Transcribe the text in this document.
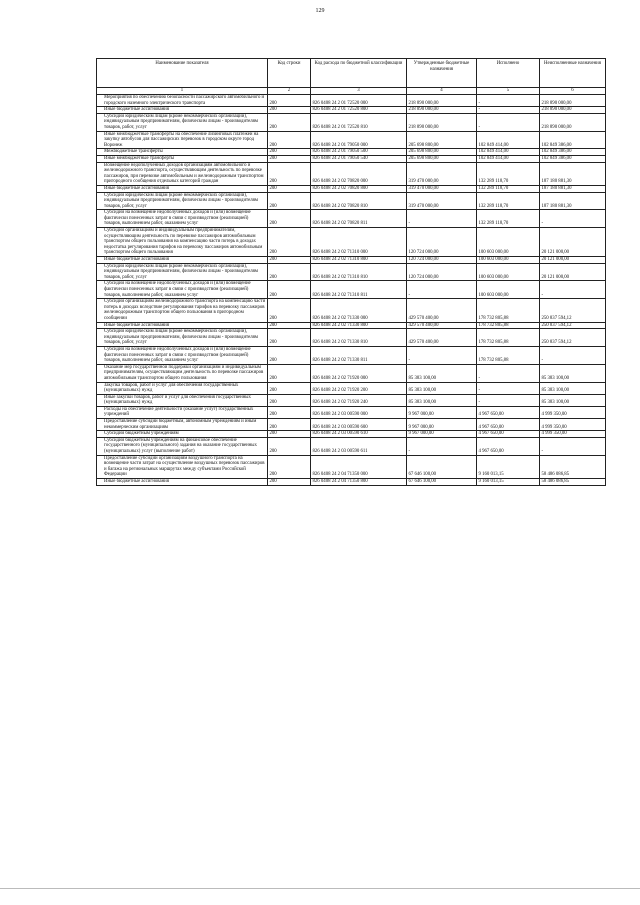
129
Наименование показателя	Код строки	Код расхода по бюджетной классификации	Утвержденные бюджетные назначения	Исполнено	Неисполненные назначения
1	2	3	4	5	6
Мероприятия по обеспечению безопасности пассажирского автомобильного и городского наземного электрического транспорта	200	826 0408 24 2 01 72520 000	218 890 000,00	-	218 890 000,00
Иные бюджетные ассигнования	200	826 0408 24 2 01 72520 800	218 890 000,00	-	218 890 000,00
Субсидии юридическим лицам (кроме некоммерческих организаций), индивидуальным предпринимателям, физическим лицам - производителям товаров, работ, услуг	200	826 0408 24 2 01 72520 810	218 890 000,00	-	218 890 000,00
Иные межбюджетные трансферты на обеспечение лизинговых платежей на закупку автобусов для пассажирских перевозок в городском округе город Воронеж	200	826 0408 24 2 01 79050 000	205 698 800,00	102 849 414,00	102 849 386,00
Межбюджетные трансферты	200	826 0408 24 2 01 79050 500	205 698 800,00	102 849 414,00	102 849 386,00
Иные межбюджетные трансферты	200	826 0408 24 2 01 79050 540	205 698 800,00	102 849 414,00	102 849 386,00
Возмещение недополученных доходов организациям автомобильного и железнодорожного транспорта, осуществляющим деятельность по перевозке пассажиров, при перевозке автомобильным и железнодорожным транспортом пригородного сообщения отдельных категорий граждан	200	826 0408 24 2 02 70820 000	319 470 000,00	132 289 118,70	187 180 881,30
Иные бюджетные ассигнования	200	826 0408 24 2 02 70820 800	319 470 000,00	132 289 118,70	187 180 881,30
Субсидии юридическим лицам (кроме некоммерческих организаций), индивидуальным предпринимателям, физическим лицам - производителям товаров, работ, услуг	200	826 0408 24 2 02 70820 810	319 470 000,00	132 289 118,70	187 180 881,30
Субсидии на возмещение недополученных доходов и (или) возмещение фактически понесенных затрат в связи с производством (реализацией) товаров, выполнением работ, оказанием услуг	200	826 0408 24 2 02 70820 811	-	132 289 118,70	-
Субсидии организациям и индивидуальным предпринимателям, осуществляющим деятельность по перевозке пассажиров автомобильным транспортом общего пользования на компенсацию части потерь в доходах недостатка регулирования тарифов на перевозку пассажиров автомобильным транспортом общего пользования	200	826 0408 24 2 02 71310 000	120 724 000,00	100 603 000,00	20 121 000,00
Иные бюджетные ассигнования	200	826 0408 24 2 02 71310 800	120 724 000,00	100 603 000,00	20 121 000,00
Субсидии юридическим лицам (кроме некоммерческих организаций), индивидуальным предпринимателям, физическим лицам - производителям товаров, работ, услуг	200	826 0408 24 2 02 71310 810	120 724 000,00	100 603 000,00	20 121 000,00
Субсидии на возмещение недополученных доходов и (или) возмещение фактически понесенных затрат в связи с производством (реализацией) товаров, выполнением работ, оказанием услуг	200	826 0408 24 2 02 71310 811	-	100 603 000,00	-
Субсидии организациям железнодорожного транспорта на компенсацию части потерь в доходах вследствие регулирования тарифов на перевозку пассажиров железнодорожным транспортом общего пользования в пригородном сообщении	200	826 0408 24 2 02 71330 000	429 570 400,00	178 732 805,88	250 837 594,12
Иные бюджетные ассигнования	200	826 0408 24 2 02 71330 800	429 570 400,00	178 732 805,88	250 837 594,12
Субсидии юридическим лицам (кроме некоммерческих организаций), индивидуальным предпринимателям, физическим лицам - производителям товаров, работ, услуг	200	826 0408 24 2 02 71330 810	429 570 400,00	178 732 805,88	250 837 594,12
Субсидии на возмещение недополученных доходов и (или) возмещение фактически понесенных затрат в связи с производством (реализацией) товаров, выполнением работ, оказанием услуг	200	826 0408 24 2 02 71330 811	-	178 732 805,88	-
Оказание мер государственной поддержки организациям и индивидуальным предпринимателям, осуществляющим деятельность по перевозке пассажиров автомобильным транспортом общего пользования	200	826 0408 24 2 02 71920 000	85 383 100,00	-	85 383 100,00
Закупка товаров, работ и услуг для обеспечения государственных (муниципальных) нужд	200	826 0408 24 2 02 71920 200	85 383 100,00	-	85 383 100,00
Иные закупки товаров, работ и услуг для обеспечения государственных (муниципальных) нужд	200	826 0408 24 2 02 71920 240	85 383 100,00	-	85 383 100,00
Расходы на обеспечение деятельности (оказание услуг) государственных учреждений	200	826 0408 24 2 03 00590 000	9 967 000,00	4 967 650,00	4 999 350,00
Предоставление субсидий бюджетным, автономным учреждениям и иным некоммерческим организациям	200	826 0408 24 2 03 00590 600	9 967 000,00	4 967 650,00	4 999 350,00
Субсидии бюджетным учреждениям	200	826 0408 24 2 03 00590 610	9 967 000,00	4 967 650,00	4 999 350,00
Субсидии бюджетным учреждениям на финансовое обеспечение государственного (муниципального) задания на оказание государственных (муниципальных) услуг (выполнение работ)	200	826 0408 24 2 03 00590 611	-	4 967 650,00	-
Предоставление субсидий организациям воздушного транспорта на возмещение части затрат на осуществление воздушных перевозок пассажиров и багажа на региональных маршрутах между субъектами Российской Федерации	200	826 0408 24 2 04 71350 000	67 646 100,00	9 160 013,15	58 486 086,85
Иные бюджетные ассигнования	200	826 0408 24 2 04 71350 800	67 646 100,00	9 160 013,15	58 486 086,85
